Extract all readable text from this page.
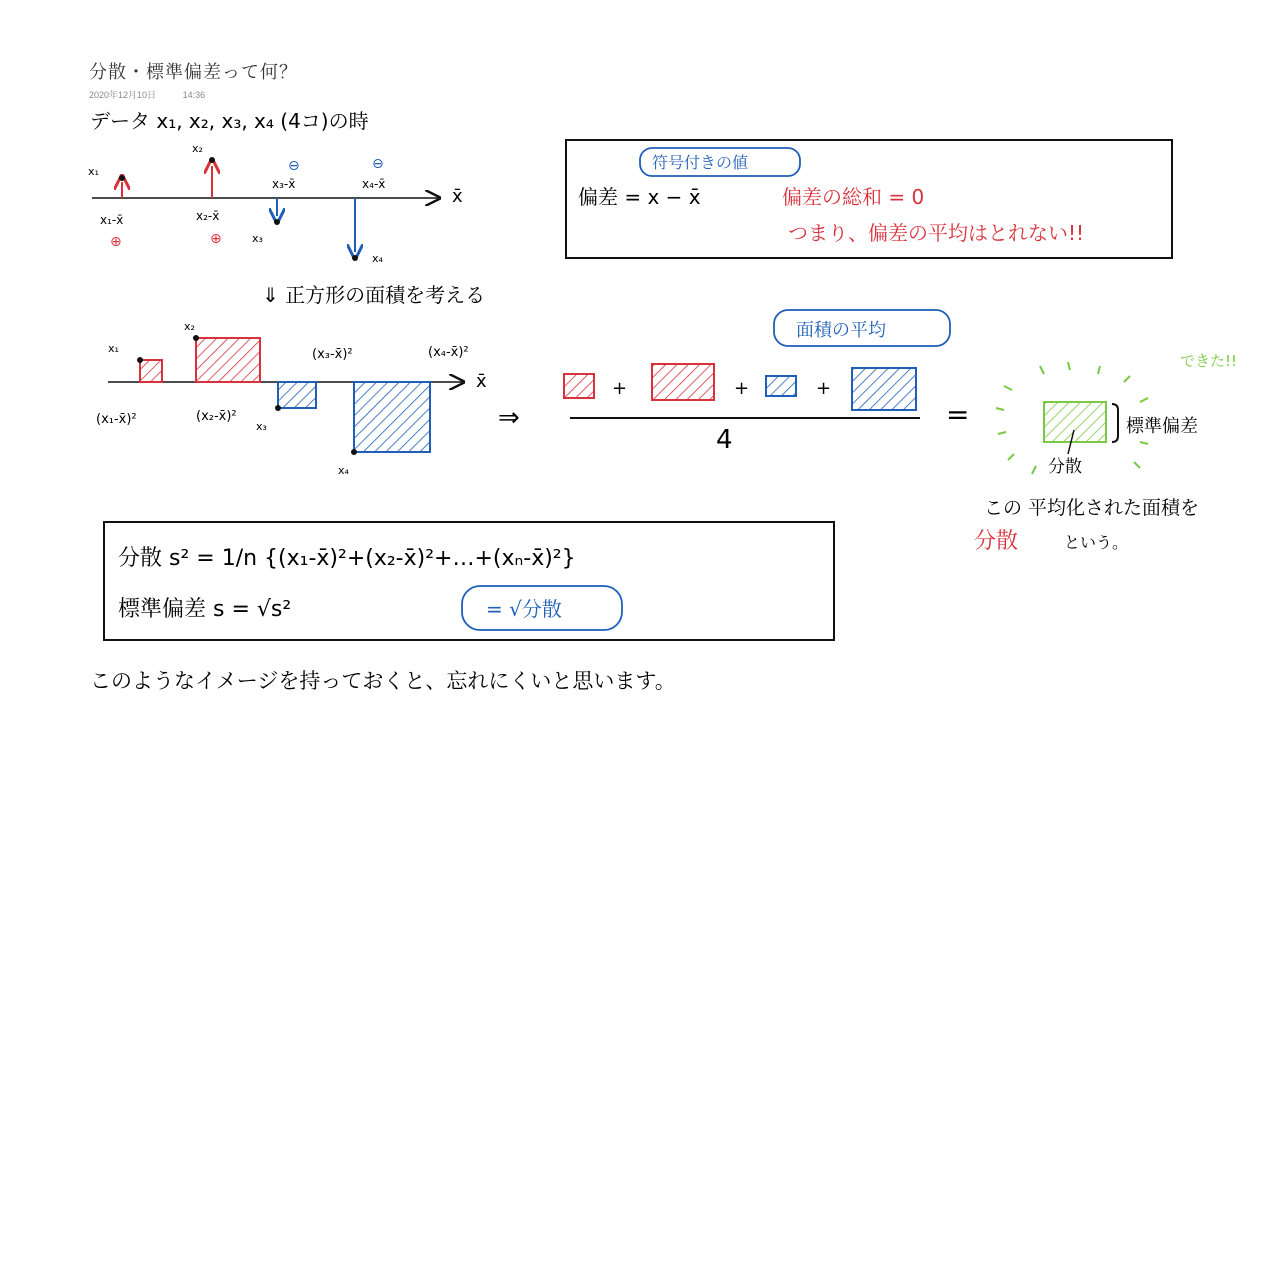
分散・標準偏差って何？
2020年12月10日	14:36
データ x₁, x₂, x₃, x₄ (4コ)の時
x̄
x₁
x₁-x̄
⊕
x₂
x₂-x̄
⊕	x₃
x₃-x̄
⊖
x₄
x₄-x̄
⊖	符号付きの値
偏差 = x − x̄	偏差の総和 = 0
つまり、偏差の平均はとれない!!
⇓ 正方形の面積を考える
x̄
x₁
(x₁-x̄)²
x₂
(x₂-x̄)²
x₃
(x₃-x̄)²
x₄
(x₄-x̄)²
⇒
面積の平均
+	+	+
4
=
できた!!
標準偏差
分散
この 平均化された面積を
分散	という。
分散 s² = 1/n {(x₁-x̄)²+(x₂-x̄)²+…+(xₙ-x̄)²}
標準偏差 s = √s²	= √分散
このようなイメージを持っておくと、忘れにくいと思います。
